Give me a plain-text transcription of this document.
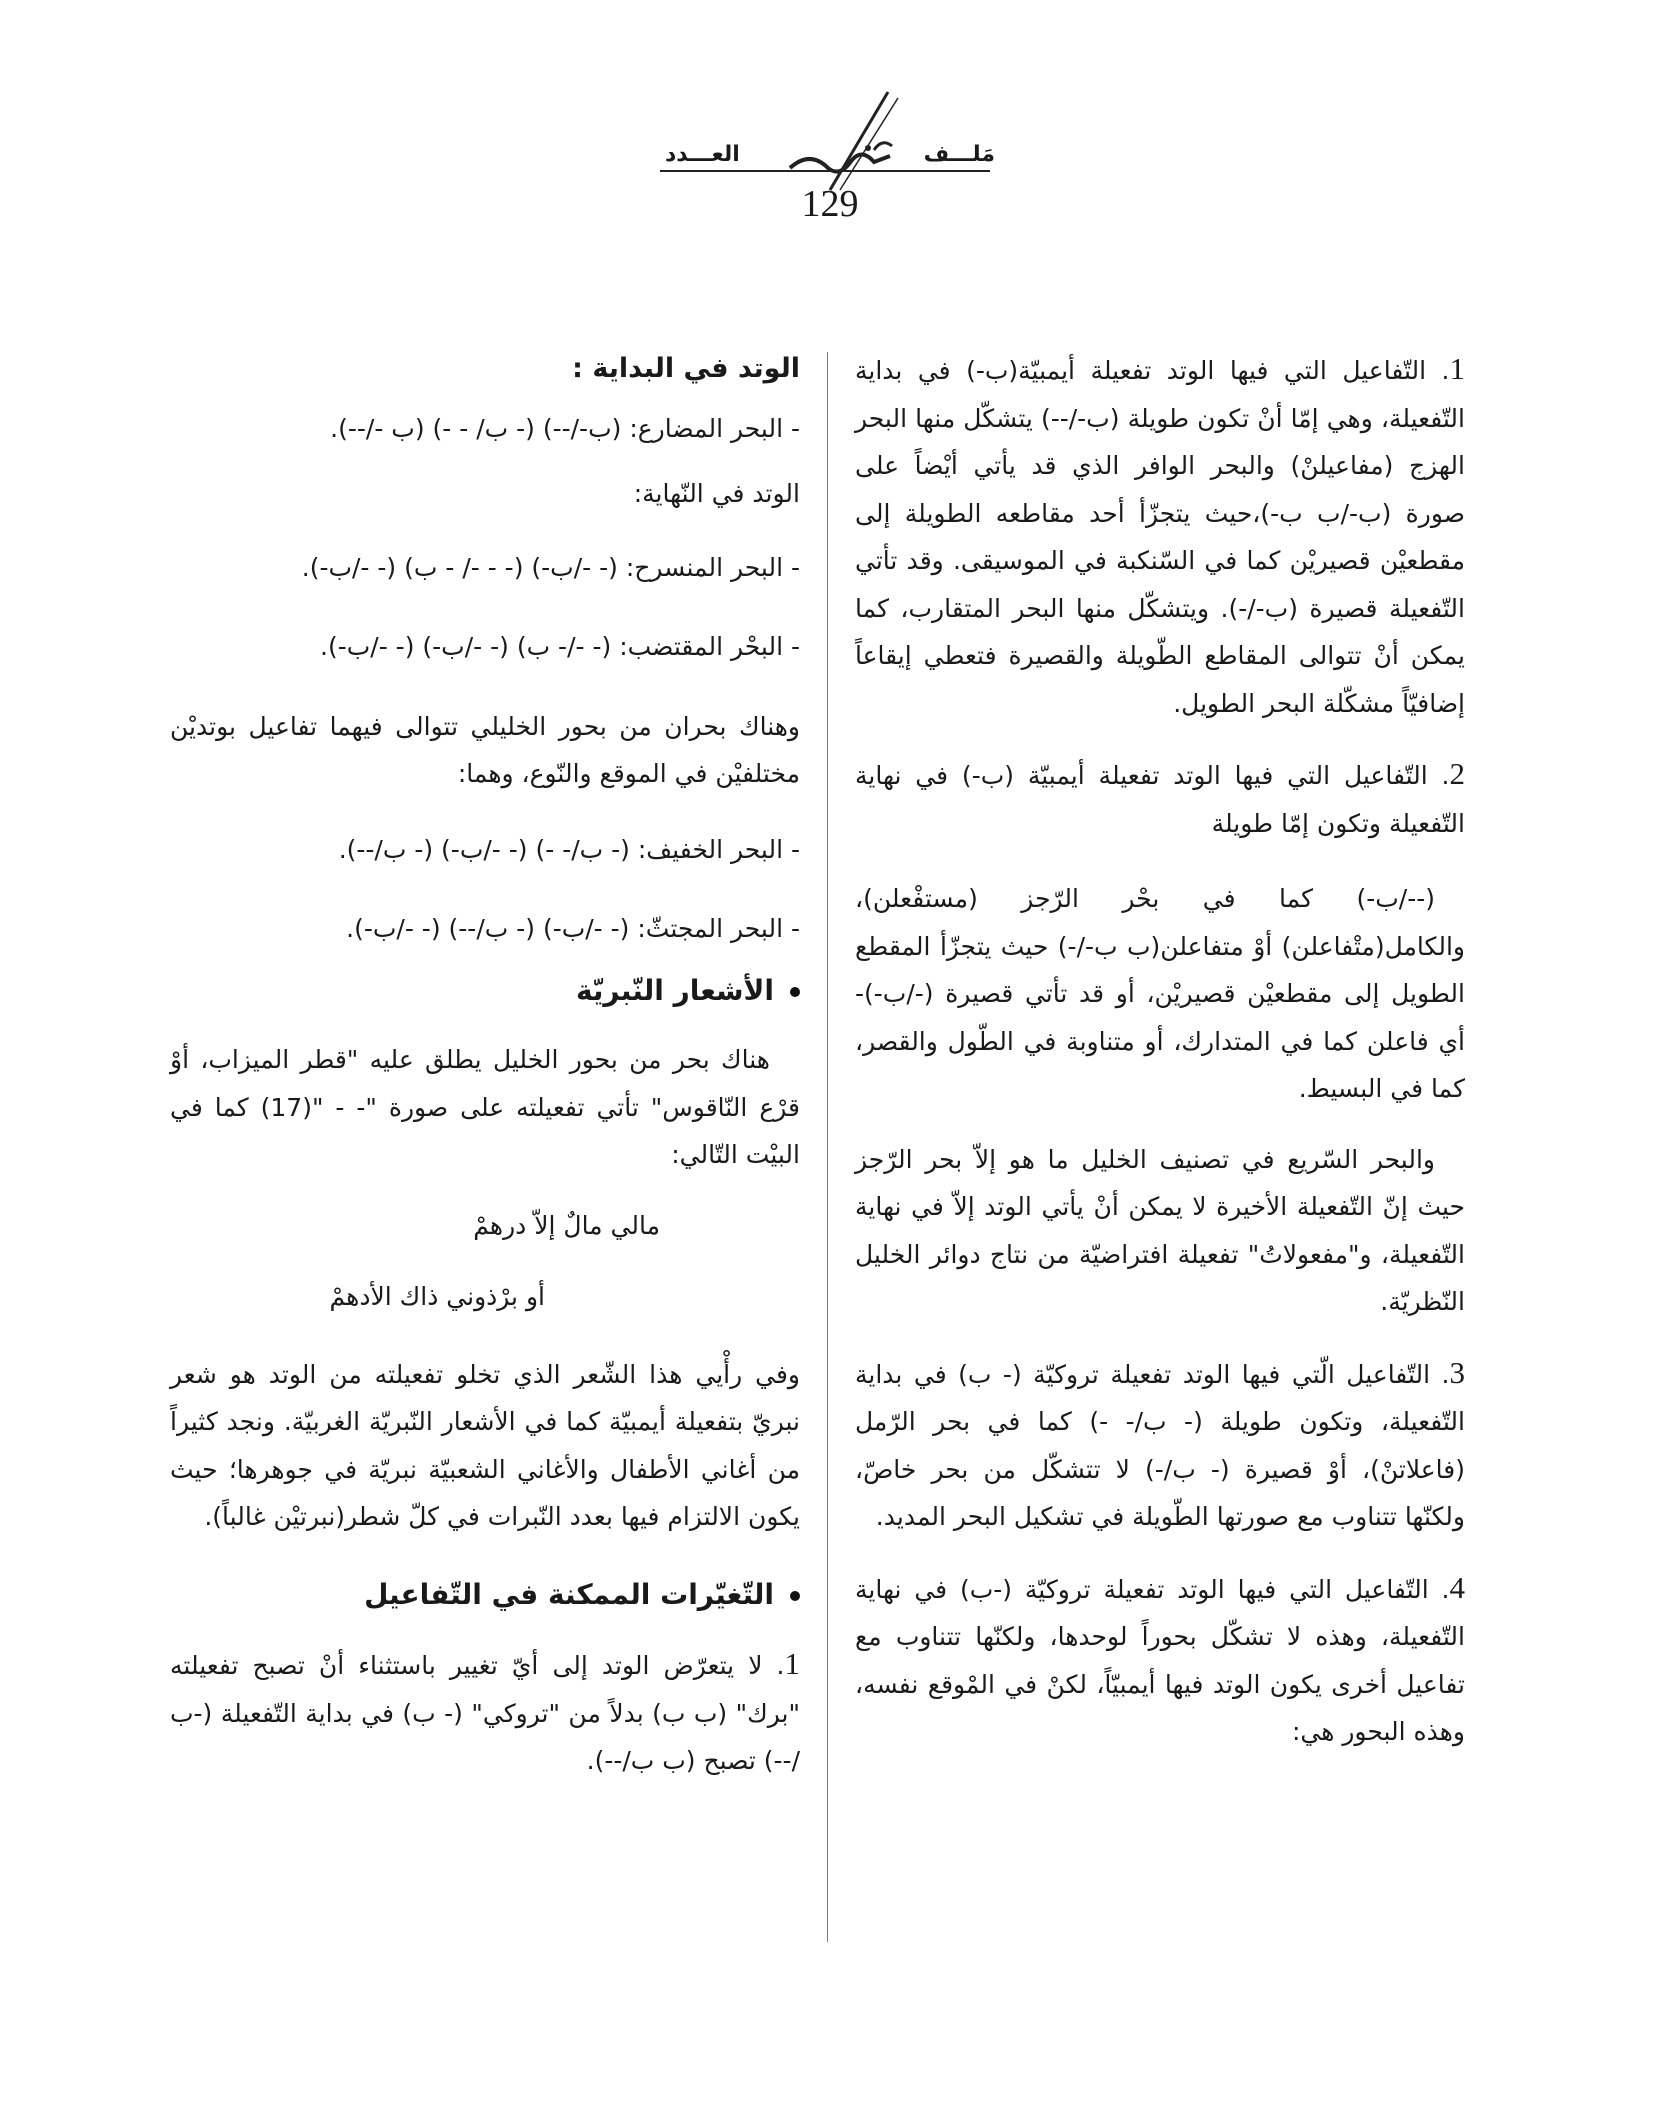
العـــدد	مَلـــف
129

1. التّفاعيل التي فيها الوتد تفعيلة أيمبيّة(ب-) في بداية التّفعيلة، وهي إمّا أنْ تكون طويلة (ب-/--) يتشكّل منها البحر الهزج (مفاعيلنْ) والبحر الوافر الذي قد يأتي أيْضاً على صورة (ب-/ب ب-)،حيث يتجزّأ أحد مقاطعه الطويلة إلى مقطعيْن قصيريْن كما في السّنكبة في الموسيقى. وقد تأتي التّفعيلة قصيرة (ب-/-). ويتشكّل منها البحر المتقارب، كما يمكن أنْ تتوالى المقاطع الطّويلة والقصيرة فتعطي إيقاعاً إضافيّاً مشكّلة البحر الطويل.

2. التّفاعيل التي فيها الوتد تفعيلة أيمبيّة (ب-) في نهاية التّفعيلة وتكون إمّا طويلة

(--/ب-) كما في بحْر الرّجز (مستفْعلن)، والكامل(متْفاعلن) أوْ متفاعلن(ب ب-/-) حيث يتجزّأ المقطع الطويل إلى مقطعيْن قصيريْن، أو قد تأتي قصيرة (-/ب-)- أي فاعلن كما في المتدارك، أو متناوبة في الطّول والقصر، كما في البسيط.

والبحر السّريع في تصنيف الخليل ما هو إلاّ بحر الرّجز حيث إنّ التّفعيلة الأخيرة لا يمكن أنْ يأتي الوتد إلاّ في نهاية التّفعيلة، و"مفعولاتُ" تفعيلة افتراضيّة من نتاج دوائر الخليل النّظريّة.

3. التّفاعيل الّتي فيها الوتد تفعيلة تروكيّة (- ب) في بداية التّفعيلة، وتكون طويلة (- ب/- -) كما في بحر الرّمل (فاعلاتنْ)، أوْ قصيرة (- ب/-) لا تتشكّل من بحر خاصّ، ولكنّها تتناوب مع صورتها الطّويلة في تشكيل البحر المديد.

4. التّفاعيل التي فيها الوتد تفعيلة تروكيّة (-ب) في نهاية التّفعيلة، وهذه لا تشكّل بحوراً لوحدها، ولكنّها تتناوب مع تفاعيل أخرى يكون الوتد فيها أيمبيّاً، لكنْ في المْوقع نفسه، وهذه البحور هي:

الوتد في البداية :

- البحر المضارع: (ب-/--) (- ب/ - -) (ب -/--).

الوتد في النّهاية:

- البحر المنسرح: (- -/ب-) (- - -/ - ب) (- -/ب-).

- البحْر المقتضب: (- -/- ب) (- -/ب-) (- -/ب-).

وهناك بحران من بحور الخليلي تتوالى فيهما تفاعيل بوتديْن مختلفيْن في الموقع والنّوع، وهما:

- البحر الخفيف: (- ب/- -) (- -/ب-) (- ب/--).

- البحر المجتثّ: (- -/ب-) (- ب/--) (- -/ب-).

الأشعار النّبريّة

هناك بحر من بحور الخليل يطلق عليه "قطر الميزاب، أوْ قرْع النّاقوس" تأتي تفعيلته على صورة "- - "(17) كما في البيْت التّالي:

مالي مالٌ إلاّ درهمْ

أو برْذوني ذاك الأدهمْ

وفي رأْيي هذا الشّعر الذي تخلو تفعيلته من الوتد هو شعر نبريّ بتفعيلة أيمبيّة كما في الأشعار النّبريّة الغربيّة. ونجد كثيراً من أغاني الأطفال والأغاني الشعبيّة نبريّة في جوهرها؛ حيث يكون الالتزام فيها بعدد النّبرات في كلّ شطر(نبرتيْن غالباً).

التّغيّرات الممكنة في التّفاعيل

1. لا يتعرّض الوتد إلى أيّ تغيير باستثناء أنْ تصبح تفعيلته "برك" (ب ب) بدلاً من "تروكي" (- ب) في بداية التّفعيلة (-ب /--) تصبح (ب ب/--).
